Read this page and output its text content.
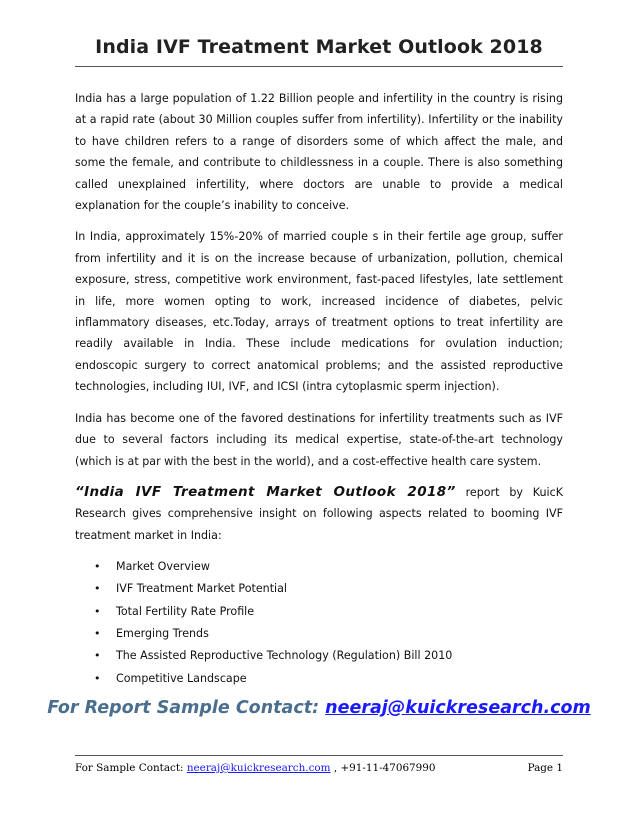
India IVF Treatment Market Outlook 2018

India has a large population of 1.22 Billion people and infertility in the country is rising at a rapid rate (about 30 Million couples suffer from infertility). Infertility or the inability to have children refers to a range of disorders some of which affect the male, and some the female, and contribute to childlessness in a couple. There is also something called unexplained infertility, where doctors are unable to provide a medical explanation for the couple’s inability to conceive.

In India, approximately 15%-20% of married couple s in their fertile age group, suffer from infertility and it is on the increase because of urbanization, pollution, chemical exposure, stress, competitive work environment, fast-paced lifestyles, late settlement in life, more women opting to work, increased incidence of diabetes, pelvic inflammatory diseases, etc.Today, arrays of treatment options to treat infertility are readily available in India. These include medications for ovulation induction; endoscopic surgery to correct anatomical problems; and the assisted reproductive technologies, including IUI, IVF, and ICSI (intra cytoplasmic sperm injection).

India has become one of the favored destinations for infertility treatments such as IVF due to several factors including its medical expertise, state-of-the-art technology (which is at par with the best in the world), and a cost-effective health care system.

“India IVF Treatment Market Outlook 2018” report by KuicK Research gives comprehensive insight on following aspects related to booming IVF treatment market in India:

• Market Overview
• IVF Treatment Market Potential
• Total Fertility Rate Profile
• Emerging Trends
• The Assisted Reproductive Technology (Regulation) Bill 2010
• Competitive Landscape
For Report Sample Contact: neeraj@kuickresearch.com
For Sample Contact: neeraj@kuickresearch.com , +91-11-47067990	Page 1
